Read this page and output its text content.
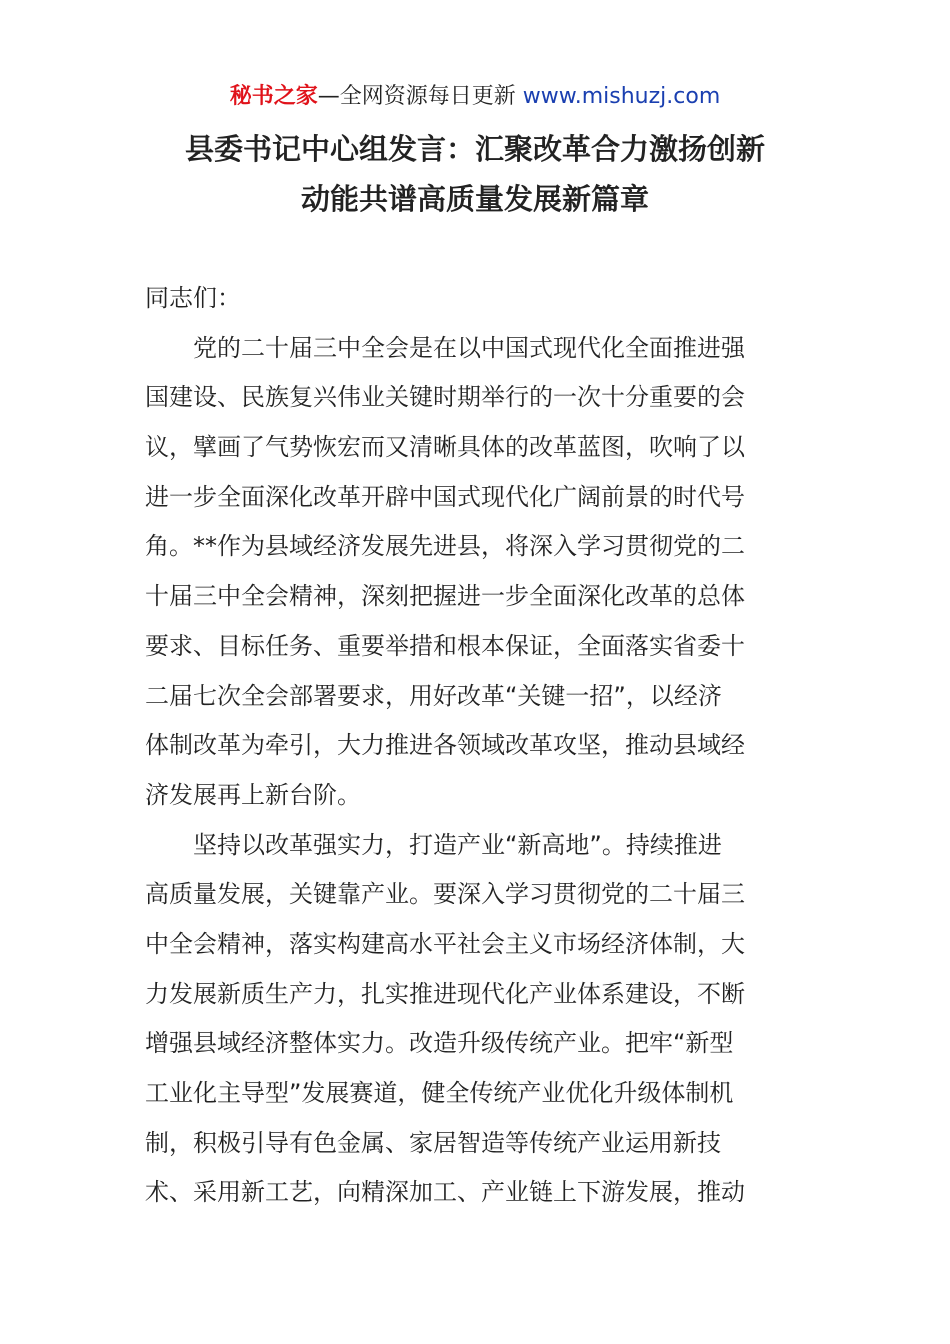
秘书之家—全网资源每日更新 www.mishuzj.com
县委书记中心组发言：汇聚改革合力激扬创新
动能共谱高质量发展新篇章
同志们：
党的二十届三中全会是在以中国式现代化全面推进强
国建设、民族复兴伟业关键时期举行的一次十分重要的会
议，擘画了气势恢宏而又清晰具体的改革蓝图，吹响了以
进一步全面深化改革开辟中国式现代化广阔前景的时代号
角。**作为县域经济发展先进县，将深入学习贯彻党的二
十届三中全会精神，深刻把握进一步全面深化改革的总体
要求、目标任务、重要举措和根本保证，全面落实省委十
二届七次全会部署要求，用好改革“关键一招”，以经济
体制改革为牵引，大力推进各领域改革攻坚，推动县域经
济发展再上新台阶。
坚持以改革强实力，打造产业“新高地”。持续推进
高质量发展，关键靠产业。要深入学习贯彻党的二十届三
中全会精神，落实构建高水平社会主义市场经济体制，大
力发展新质生产力，扎实推进现代化产业体系建设，不断
增强县域经济整体实力。改造升级传统产业。把牢“新型
工业化主导型”发展赛道，健全传统产业优化升级体制机
制，积极引导有色金属、家居智造等传统产业运用新技
术、采用新工艺，向精深加工、产业链上下游发展，推动
